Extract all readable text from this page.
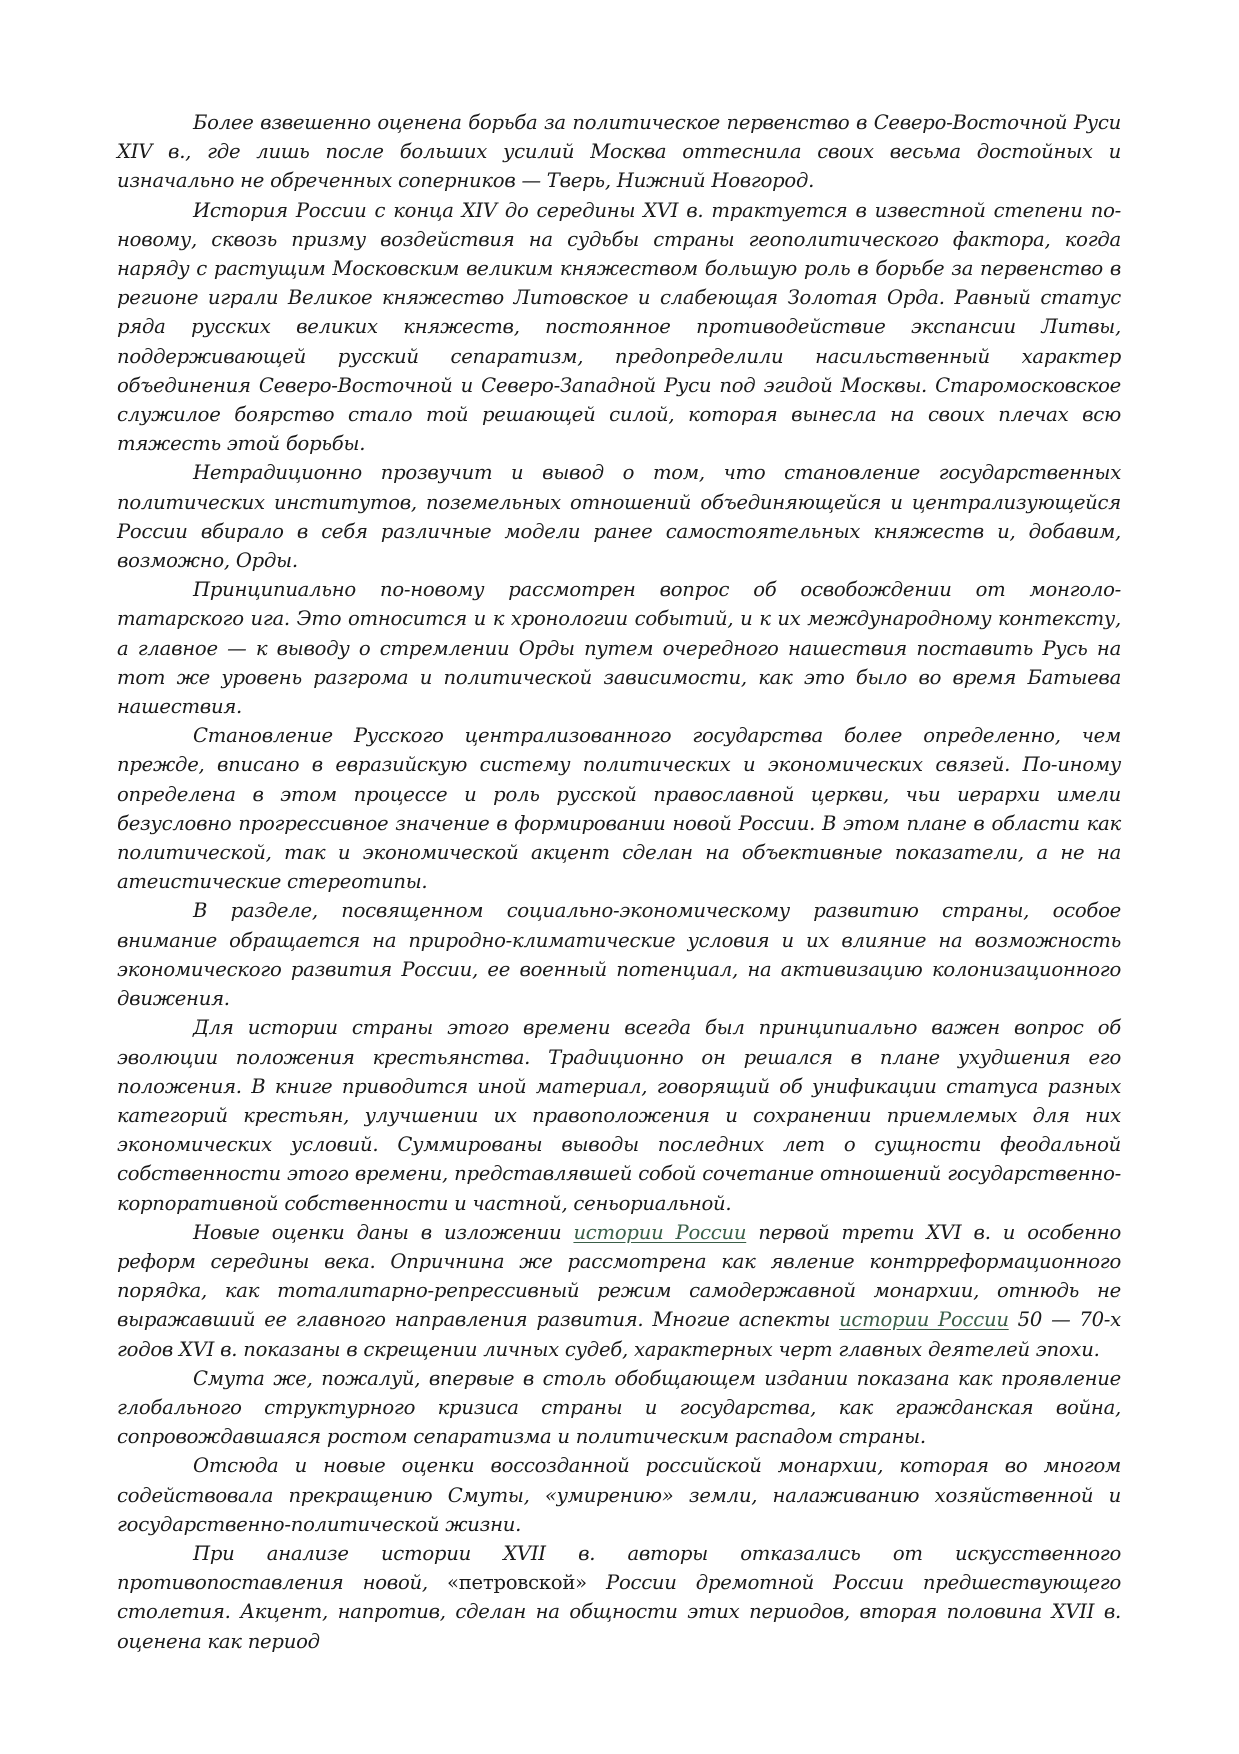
Более взвешенно оценена борьба за политическое первенство в Северо-Восточной Руси XIV в., где лишь после больших усилий Москва оттеснила своих весьма достойных и изначально не обреченных соперников — Тверь, Нижний Новгород.

История России с конца XIV до середины XVI в. трактуется в известной степени по-новому, сквозь призму воздействия на судьбы страны геополитического фактора, когда наряду с растущим Московским великим княжеством большую роль в борьбе за первенство в регионе играли Великое княжество Литовское и слабеющая Золотая Орда. Равный статус ряда русских великих княжеств, постоянное противодействие экспансии Литвы, поддерживающей русский сепаратизм, предопределили насильственный характер объединения Северо-Восточной и Северо-Западной Руси под эгидой Москвы. Старомосковское служилое боярство стало той решающей силой, которая вынесла на своих плечах всю тяжесть этой борьбы.

Нетрадиционно прозвучит и вывод о том, что становление государственных политических институтов, поземельных отношений объединяющейся и централизующейся России вбирало в себя различные модели ранее самостоятельных княжеств и, добавим, возможно, Орды.

Принципиально по-новому рассмотрен вопрос об освобождении от монголо-татарского ига. Это относится и к хронологии событий, и к их международному контексту, а главное — к выводу о стремлении Орды путем очередного нашествия поставить Русь на тот же уровень разгрома и политической зависимости, как это было во время Батыева нашествия.

Становление Русского централизованного государства более определенно, чем прежде, вписано в евразийскую систему политических и экономических связей. По-иному определена в этом процессе и роль русской православной церкви, чьи иерархи имели безусловно прогрессивное значение в формировании новой России. В этом плане в области как политической, так и экономической акцент сделан на объективные показатели, а не на атеистические стереотипы.

В разделе, посвященном социально-экономическому развитию страны, особое внимание обращается на природно-климатические условия и их влияние на возможность экономического развития России, ее военный потенциал, на активизацию колонизационного движения.

Для истории страны этого времени всегда был принципиально важен вопрос об эволюции положения крестьянства. Традиционно он решался в плане ухудшения его положения. В книге приводится иной материал, говорящий об унификации статуса разных категорий крестьян, улучшении их правоположения и сохранении приемлемых для них экономических условий. Суммированы выводы последних лет о сущности феодальной собственности этого времени, представлявшей собой сочетание отношений государственно-корпоративной собственности и частной, сеньориальной.

Новые оценки даны в изложении истории России первой трети XVI в. и особенно реформ середины века. Опричнина же рассмотрена как явление контрреформационного порядка, как тоталитарно-репрессивный режим самодержавной монархии, отнюдь не выражавший ее главного направления развития. Многие аспекты истории России 50 — 70-х годов XVI в. показаны в скрещении личных судеб, характерных черт главных деятелей эпохи.

Смута же, пожалуй, впервые в столь обобщающем издании показана как проявление глобального структурного кризиса страны и государства, как гражданская война, сопровождавшаяся ростом сепаратизма и политическим распадом страны.

Отсюда и новые оценки воссозданной российской монархии, которая во многом содействовала прекращению Смуты, «умирению» земли, налаживанию хозяйственной и государственно-политической жизни.

При анализе истории XVII в. авторы отказались от искусственного противопоставления новой, «петровской» России дремотной России предшествующего столетия. Акцент, напротив, сделан на общности этих периодов, вторая половина XVII в. оценена как период
